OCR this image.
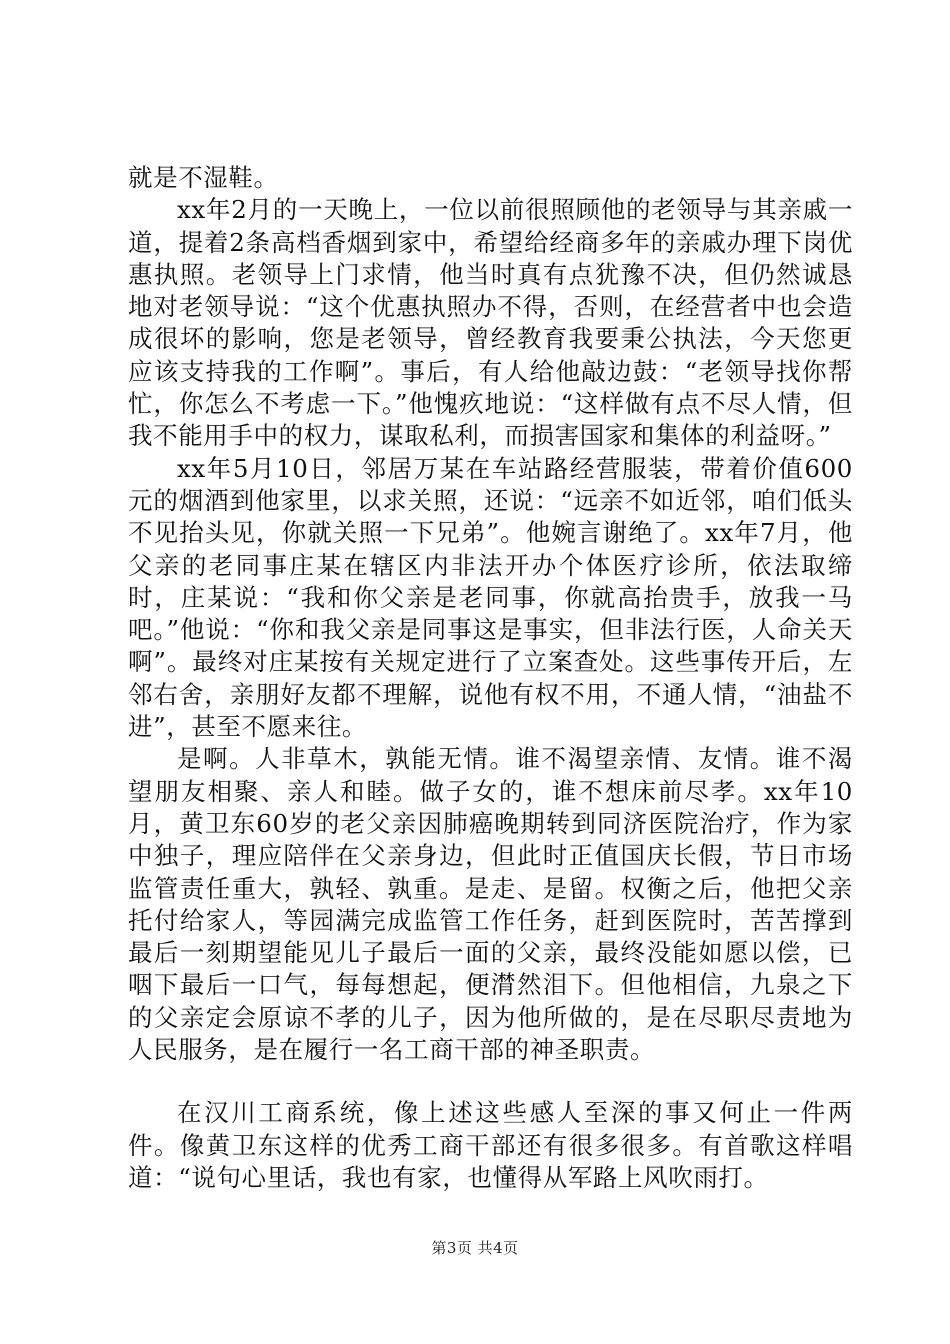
就是不湿鞋。

xx年2月的一天晚上，一位以前很照顾他的老领导与其亲戚一道，提着2条高档香烟到家中，希望给经商多年的亲戚办理下岗优惠执照。老领导上门求情，他当时真有点犹豫不决，但仍然诚恳地对老领导说：“这个优惠执照办不得，否则，在经营者中也会造成很坏的影响，您是老领导，曾经教育我要秉公执法，今天您更应该支持我的工作啊”。事后，有人给他敲边鼓：“老领导找你帮忙，你怎么不考虑一下。”他愧疚地说：“这样做有点不尽人情，但我不能用手中的权力，谋取私利，而损害国家和集体的利益呀。”

xx年5月10日，邻居万某在车站路经营服装，带着价值600元的烟酒到他家里，以求关照，还说：“远亲不如近邻，咱们低头不见抬头见，你就关照一下兄弟”。他婉言谢绝了。xx年7月，他父亲的老同事庄某在辖区内非法开办个体医疗诊所，依法取缔时，庄某说：“我和你父亲是老同事，你就高抬贵手，放我一马吧。”他说：“你和我父亲是同事这是事实，但非法行医，人命关天啊”。最终对庄某按有关规定进行了立案查处。这些事传开后，左邻右舍，亲朋好友都不理解，说他有权不用，不通人情，“油盐不进”，甚至不愿来往。

是啊。人非草木，孰能无情。谁不渴望亲情、友情。谁不渴望朋友相聚、亲人和睦。做子女的，谁不想床前尽孝。xx年10月，黄卫东60岁的老父亲因肺癌晚期转到同济医院治疗，作为家中独子，理应陪伴在父亲身边，但此时正值国庆长假，节日市场监管责任重大，孰轻、孰重。是走、是留。权衡之后，他把父亲托付给家人，等园满完成监管工作任务，赶到医院时，苦苦撑到最后一刻期望能见儿子最后一面的父亲，最终没能如愿以偿，已咽下最后一口气，每每想起，便潸然泪下。但他相信，九泉之下的父亲定会原谅不孝的儿子，因为他所做的，是在尽职尽责地为人民服务，是在履行一名工商干部的神圣职责。

在汉川工商系统，像上述这些感人至深的事又何止一件两件。像黄卫东这样的优秀工商干部还有很多很多。有首歌这样唱道：“说句心里话，我也有家，也懂得从军路上风吹雨打。

第3页 共4页
